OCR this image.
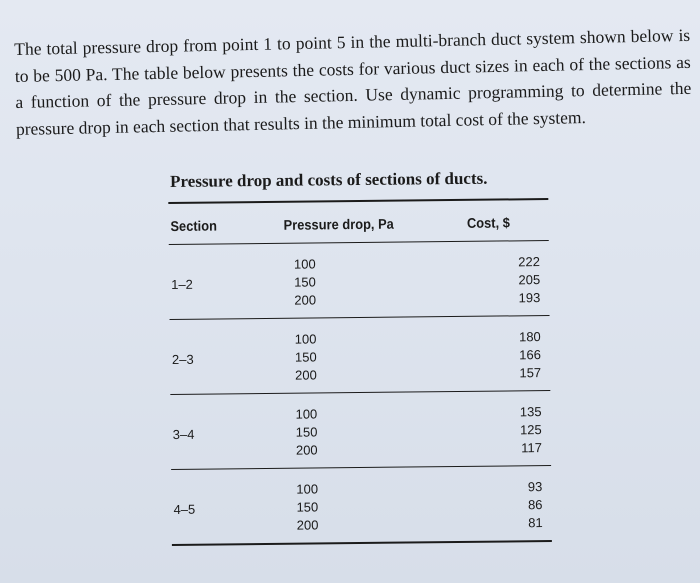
The total pressure drop from point 1 to point 5 in the multi-branch duct system shown below is to be 500 Pa. The table below presents the costs for various duct sizes in each of the sections as a function of the pressure drop in the section. Use dynamic programming to determine the pressure drop in each section that results in the minimum total cost of the system.
Pressure drop and costs of sections of ducts.
Section	Pressure drop, Pa	Cost, $
1–2
100
150
200
222
205
193
2–3
100
150
200
180
166
157
3–4
100
150
200
135
125
117
4–5
100
150
200
93
86
81
